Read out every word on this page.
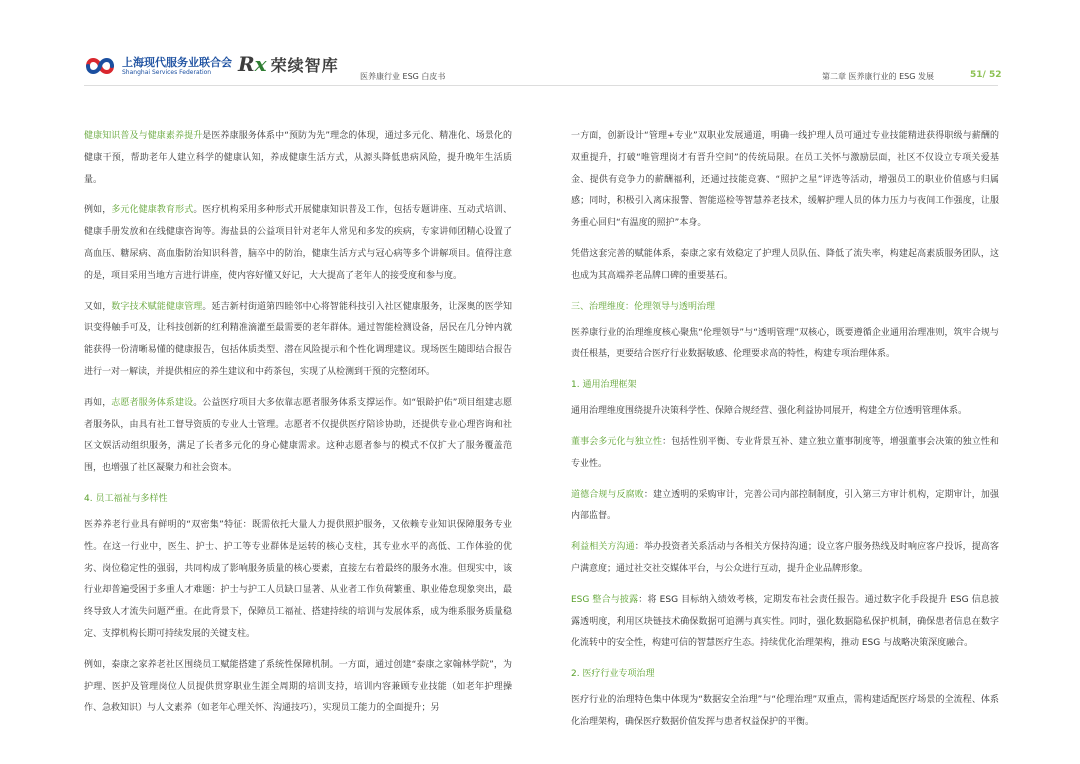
上海现代服务业联合会
Shanghai Services Federation	Rx 荣续智库
医养康行业 ESG 白皮书	第二章 医养康行业的 ESG 发展	51/ 52

健康知识普及与健康素养提升是医养康服务体系中“预防为先”理念的体现，通过多元化、精准化、场景化的健康干预，帮助老年人建立科学的健康认知，养成健康生活方式，从源头降低患病风险，提升晚年生活质量。

例如，多元化健康教育形式。医疗机构采用多种形式开展健康知识普及工作，包括专题讲座、互动式培训、健康手册发放和在线健康咨询等。海盐县的公益项目针对老年人常见和多发的疾病，专家讲师团精心设置了高血压、糖尿病、高血脂防治知识科普，脑卒中的防治，健康生活方式与冠心病等多个讲解项目。值得注意的是，项目采用当地方言进行讲座，使内容好懂又好记，大大提高了老年人的接受度和参与度。

又如，数字技术赋能健康管理。延吉新村街道第四睦邻中心将智能科技引入社区健康服务，让深奥的医学知识变得触手可及，让科技创新的红利精准滴灌至最需要的老年群体。通过智能检测设备，居民在几分钟内就能获得一份清晰易懂的健康报告，包括体质类型、潜在风险提示和个性化调理建议。现场医生随即结合报告进行一对一解读，并提供相应的养生建议和中药茶包，实现了从检测到干预的完整闭环。

再如，志愿者服务体系建设。公益医疗项目大多依靠志愿者服务体系支撑运作。如“银龄护佑”项目组建志愿者服务队，由具有社工督导资质的专业人士管理。志愿者不仅提供医疗陪诊协助，还提供专业心理咨询和社区文娱活动组织服务，满足了长者多元化的身心健康需求。这种志愿者参与的模式不仅扩大了服务覆盖范围，也增强了社区凝聚力和社会资本。

4. 员工福祉与多样性

医养养老行业具有鲜明的“双密集”特征：既需依托大量人力提供照护服务，又依赖专业知识保障服务专业性。在这一行业中，医生、护士、护工等专业群体是运转的核心支柱，其专业水平的高低、工作体验的优劣、岗位稳定性的强弱，共同构成了影响服务质量的核心要素，直接左右着最终的服务水准。但现实中，该行业却普遍受困于多重人才难题：护士与护工人员缺口显著、从业者工作负荷繁重、职业倦怠现象突出，最终导致人才流失问题严重。在此背景下，保障员工福祉、搭建持续的培训与发展体系，成为维系服务质量稳定、支撑机构长期可持续发展的关键支柱。

例如，泰康之家养老社区围绕员工赋能搭建了系统性保障机制。一方面，通过创建“泰康之家翰林学院”，为护理、医护及管理岗位人员提供贯穿职业生涯全周期的培训支持，培训内容兼顾专业技能（如老年护理操作、急救知识）与人文素养（如老年心理关怀、沟通技巧），实现员工能力的全面提升；另

一方面，创新设计“管理+专业”双职业发展通道，明确一线护理人员可通过专业技能精进获得职级与薪酬的双重提升，打破“唯管理岗才有晋升空间”的传统局限。在员工关怀与激励层面，社区不仅设立专项关爱基金、提供有竞争力的薪酬福利，还通过技能竞赛、“照护之星”评选等活动，增强员工的职业价值感与归属感；同时，积极引入离床报警、智能巡检等智慧养老技术，缓解护理人员的体力压力与夜间工作强度，让服务重心回归“有温度的照护”本身。

凭借这套完善的赋能体系，泰康之家有效稳定了护理人员队伍、降低了流失率，构建起高素质服务团队，这也成为其高端养老品牌口碑的重要基石。

三、治理维度：伦理领导与透明治理

医养康行业的治理维度核心聚焦“伦理领导”与“透明管理”双核心，既要遵循企业通用治理准则，筑牢合规与责任根基，更要结合医疗行业数据敏感、伦理要求高的特性，构建专项治理体系。

1. 通用治理框架

通用治理维度围绕提升决策科学性、保障合规经营、强化利益协同展开，构建全方位透明管理体系。

董事会多元化与独立性：包括性别平衡、专业背景互补、建立独立董事制度等，增强董事会决策的独立性和专业性。

道德合规与反腐败：建立透明的采购审计，完善公司内部控制制度，引入第三方审计机构，定期审计，加强内部监督。

利益相关方沟通：举办投资者关系活动与各相关方保持沟通；设立客户服务热线及时响应客户投诉，提高客户满意度；通过社交社交媒体平台，与公众进行互动，提升企业品牌形象。

ESG 整合与披露：将 ESG 目标纳入绩效考核，定期发布社会责任报告。通过数字化手段提升 ESG 信息披露透明度，利用区块链技术确保数据可追溯与真实性。同时，强化数据隐私保护机制，确保患者信息在数字化流转中的安全性，构建可信的智慧医疗生态。持续优化治理架构，推动 ESG 与战略决策深度融合。

2. 医疗行业专项治理

医疗行业的治理特色集中体现为“数据安全治理”与“伦理治理”双重点，需构建适配医疗场景的全流程、体系化治理架构，确保医疗数据价值发挥与患者权益保护的平衡。
